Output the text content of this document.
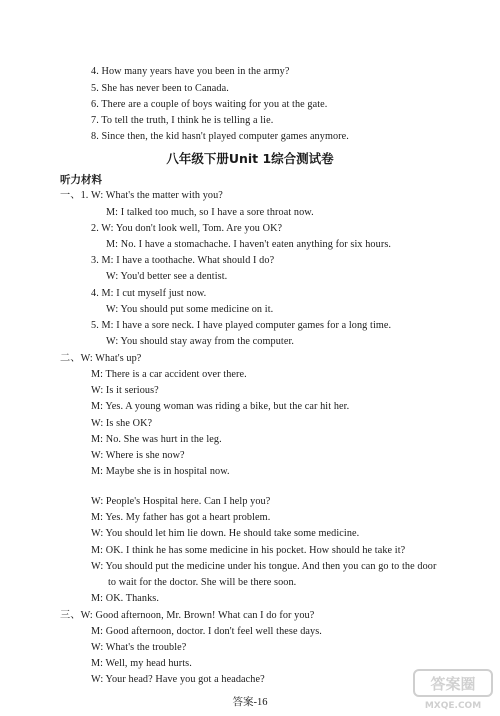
4. How many years have you been in the army?
5. She has never been to Canada.
6. There are a couple of boys waiting for you at the gate.
7. To tell the truth, I think he is telling a lie.
8. Since then, the kid hasn't played computer games anymore.
八年级下册Unit 1综合测试卷
听力材料
一、1. W: What's the matter with you?
M: I talked too much, so I have a sore throat now.
2. W: You don't look well, Tom. Are you OK?
M: No. I have a stomachache. I haven't eaten anything for six hours.
3. M: I have a toothache. What should I do?
W: You'd better see a dentist.
4. M: I cut myself just now.
W: You should put some medicine on it.
5. M: I have a sore neck. I have played computer games for a long time.
W: You should stay away from the computer.
二、W: What's up?
M: There is a car accident over there.
W: Is it serious?
M: Yes. A young woman was riding a bike, but the car hit her.
W: Is she OK?
M: No. She was hurt in the leg.
W: Where is she now?
M: Maybe she is in hospital now.
W: People's Hospital here. Can I help you?
M: Yes. My father has got a heart problem.
W: You should let him lie down. He should take some medicine.
M: OK. I think he has some medicine in his pocket. How should he take it?
W: You should put the medicine under his tongue. And then you can go to the door
to wait for the doctor. She will be there soon.
M: OK. Thanks.
三、W: Good afternoon, Mr. Brown! What can I do for you?
M: Good afternoon, doctor. I don't feel well these days.
W: What's the trouble?
M: Well, my head hurts.
W: Your head? Have you got a headache?
答案-16
答案圈
MXQE.COM
